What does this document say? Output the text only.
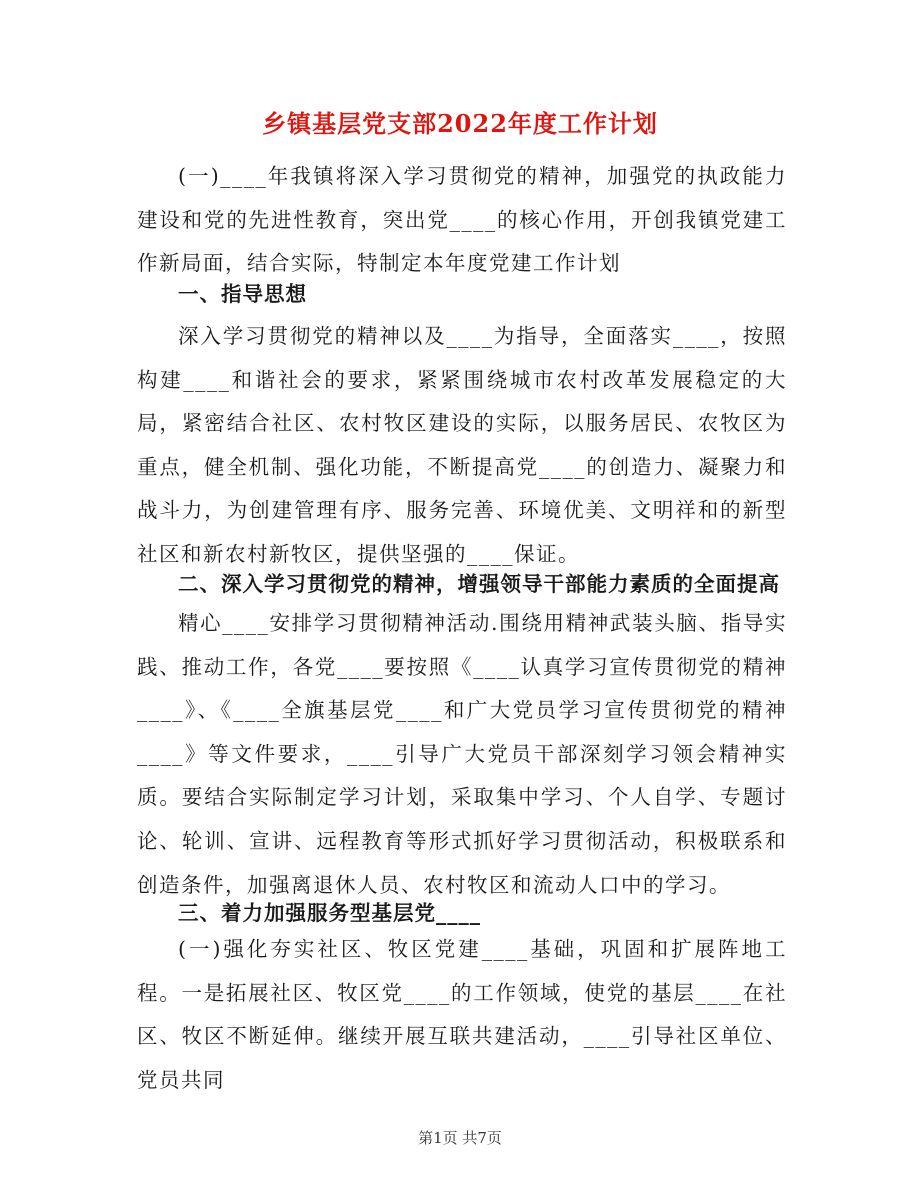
乡镇基层党支部2022年度工作计划
(一)____年我镇将深入学习贯彻党的精神，加强党的执政能力建设和党的先进性教育，突出党____的核心作用，开创我镇党建工作新局面，结合实际，特制定本年度党建工作计划
一、指导思想
深入学习贯彻党的精神以及____为指导，全面落实____，按照构建____和谐社会的要求，紧紧围绕城市农村改革发展稳定的大局，紧密结合社区、农村牧区建设的实际，以服务居民、农牧区为重点，健全机制、强化功能，不断提高党____的创造力、凝聚力和战斗力，为创建管理有序、服务完善、环境优美、文明祥和的新型社区和新农村新牧区，提供坚强的____保证。
二、深入学习贯彻党的精神，增强领导干部能力素质的全面提高
精心____安排学习贯彻精神活动.围绕用精神武装头脑、指导实践、推动工作，各党____要按照《____认真学习宣传贯彻党的精神____》、《____全旗基层党____和广大党员学习宣传贯彻党的精神____》等文件要求，____引导广大党员干部深刻学习领会精神实质。要结合实际制定学习计划，采取集中学习、个人自学、专题讨论、轮训、宣讲、远程教育等形式抓好学习贯彻活动，积极联系和创造条件，加强离退休人员、农村牧区和流动人口中的学习。
三、着力加强服务型基层党____
(一)强化夯实社区、牧区党建____基础，巩固和扩展阵地工程。一是拓展社区、牧区党____的工作领域，使党的基层____在社区、牧区不断延伸。继续开展互联共建活动，____引导社区单位、党员共同
第1页 共7页
